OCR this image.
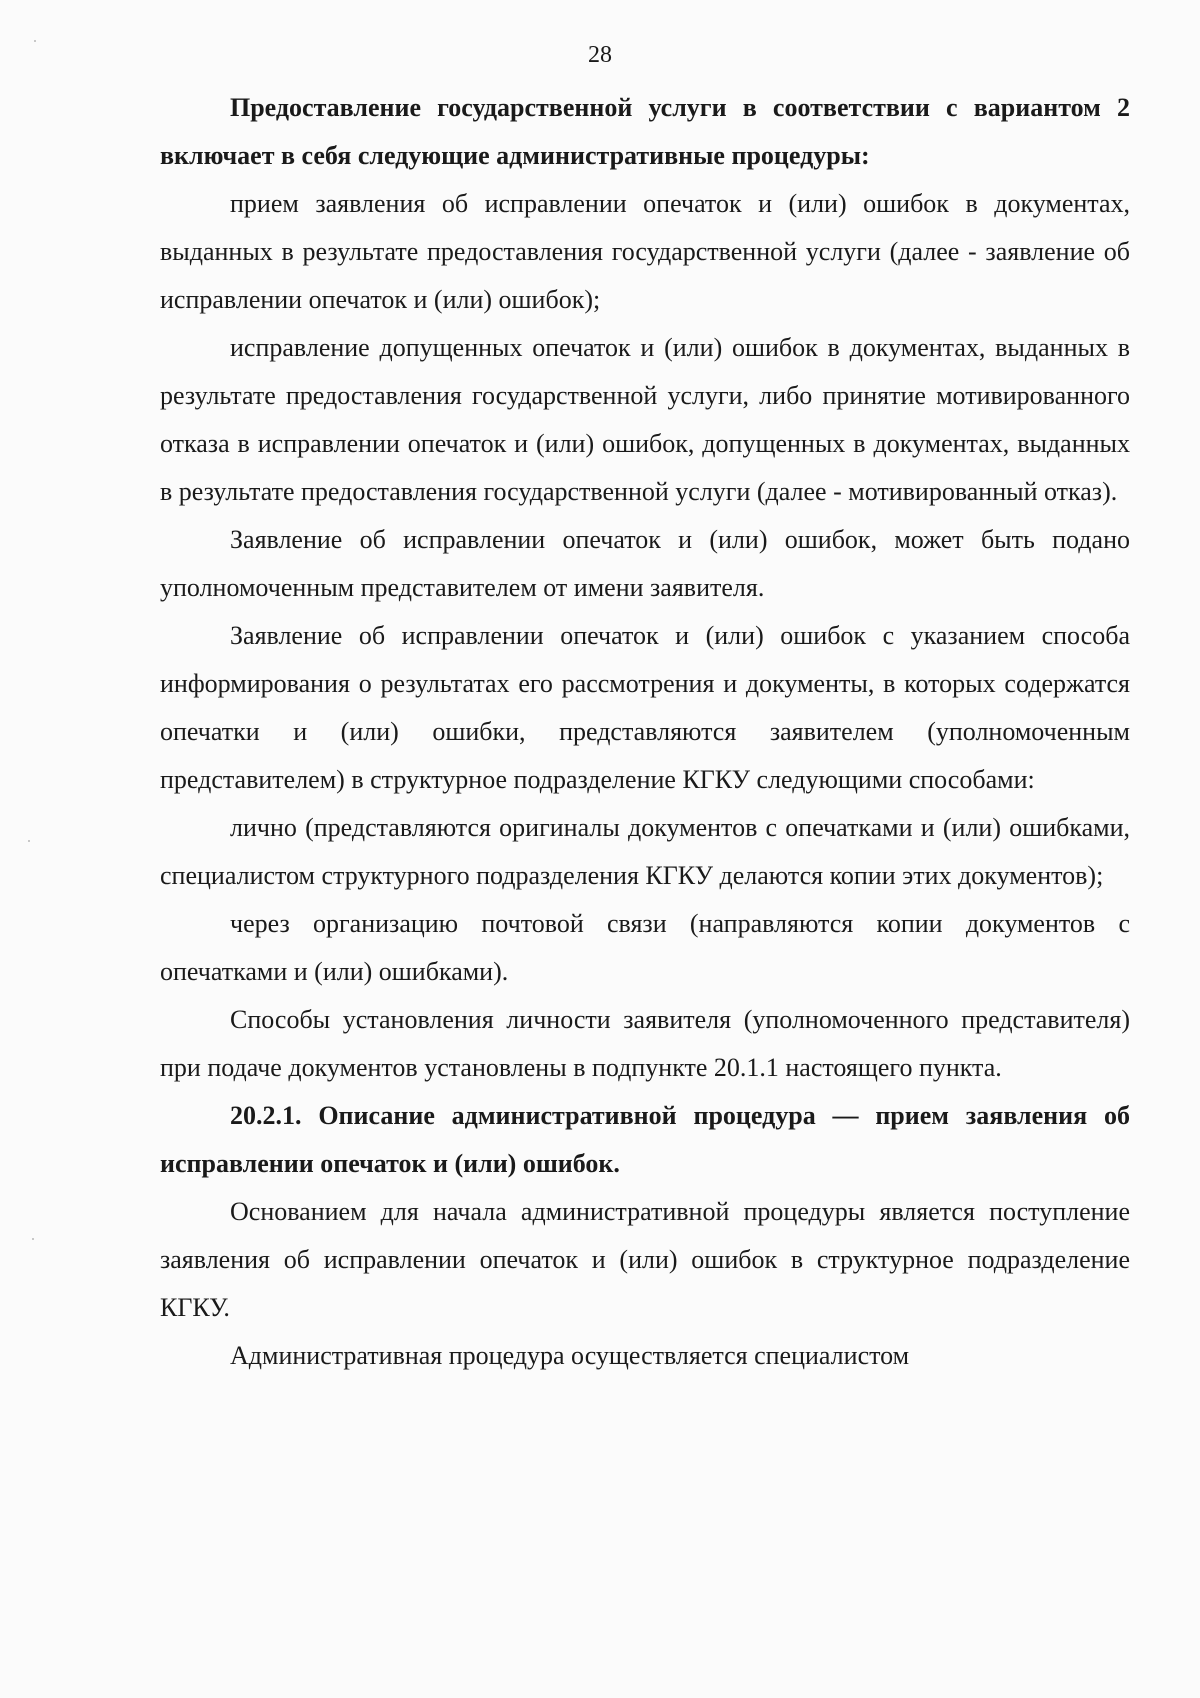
28

Предоставление государственной услуги в соответствии с вариантом 2 включает в себя следующие административные процедуры:

прием заявления об исправлении опечаток и (или) ошибок в документах, выданных в результате предоставления государственной услуги (далее - заявление об исправлении опечаток и (или) ошибок);

исправление допущенных опечаток и (или) ошибок в документах, выданных в результате предоставления государственной услуги, либо принятие мотивированного отказа в исправлении опечаток и (или) ошибок, допущенных в документах, выданных в результате предоставления государственной услуги (далее - мотивированный отказ).

Заявление об исправлении опечаток и (или) ошибок, может быть подано уполномоченным представителем от имени заявителя.

Заявление об исправлении опечаток и (или) ошибок с указанием способа информирования о результатах его рассмотрения и документы, в которых содержатся опечатки и (или) ошибки, представляются заявителем (уполномоченным представителем) в структурное подразделение КГКУ следующими способами:

лично (представляются оригиналы документов с опечатками и (или) ошибками, специалистом структурного подразделения КГКУ делаются копии этих документов);

через организацию почтовой связи (направляются копии документов с опечатками и (или) ошибками).

Способы установления личности заявителя (уполномоченного представителя) при подаче документов установлены в подпункте 20.1.1 настоящего пункта.

20.2.1. Описание административной процедура — прием заявления об исправлении опечаток и (или) ошибок.

Основанием для начала административной процедуры является поступление заявления об исправлении опечаток и (или) ошибок в структурное подразделение КГКУ.

Административная процедура осуществляется специалистом
